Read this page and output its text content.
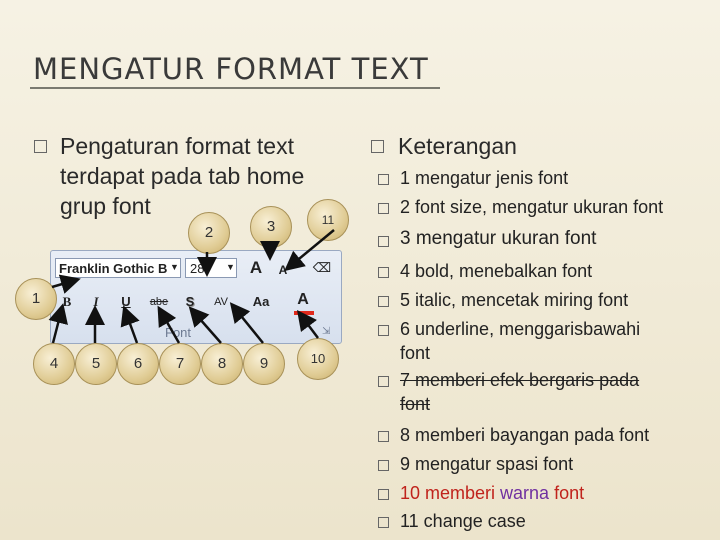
MENGATUR FORMAT TEXT
Pengaturan format text
terdapat pada tab home
grup font
Franklin Gothic B ▼ 28	▼ A	A ⌫
B	I	U	abe S	AV	Aa A
Font	⇲
1
2	3	11
4	5	6	7	8	9	10
Keterangan
1 mengatur jenis font
2 font size, mengatur ukuran font
3 mengatur ukuran font
4 bold, menebalkan font
5 italic, mencetak miring font
6 underline, menggarisbawahi
font
7 memberi efek bergaris pada
font
8 memberi bayangan pada font
9 mengatur spasi font
10 memberi warna font
11 change case
